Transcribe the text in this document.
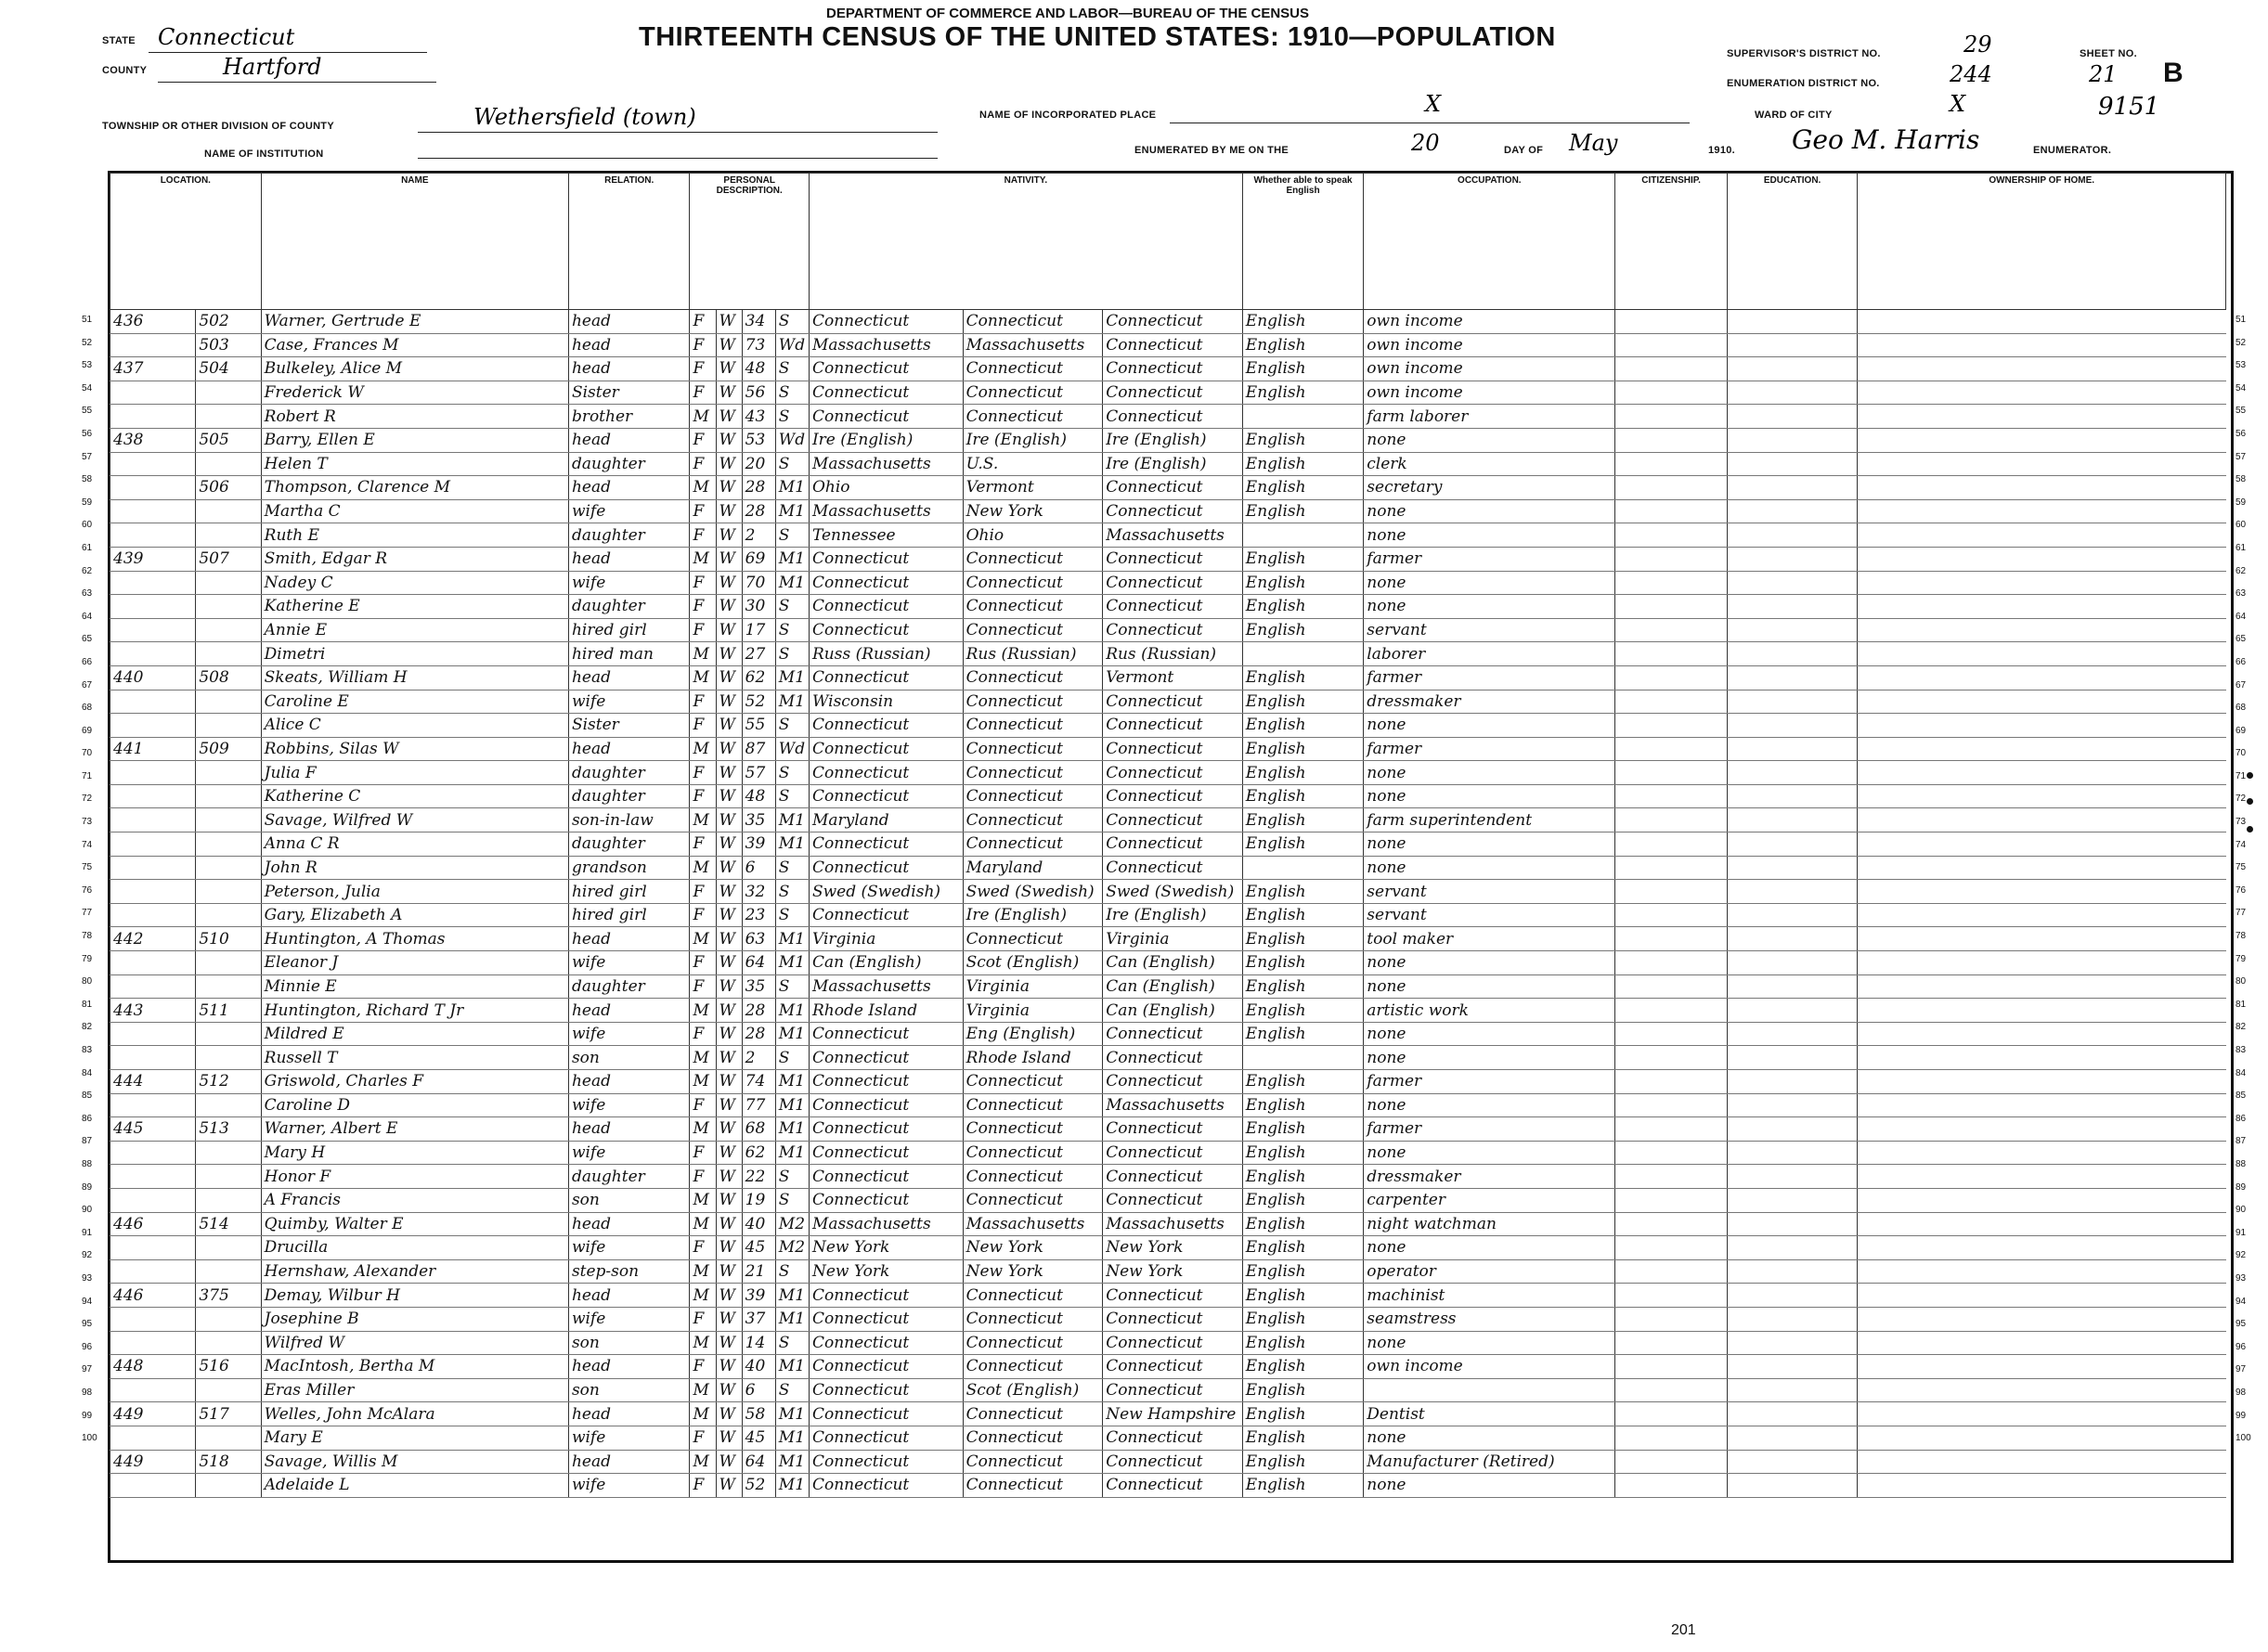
DEPARTMENT OF COMMERCE AND LABOR—BUREAU OF THE CENSUS
THIRTEENTH CENSUS OF THE UNITED STATES: 1910—POPULATION
STATE Connecticut
COUNTY	Hartford
TOWNSHIP OR OTHER DIVISION OF COUNTY	Wethersfield (town)
NAME OF INSTITUTION
NAME OF INCORPORATED PLACE	X
ENUMERATED BY ME ON THE	20	DAY OF May	1910. Geo M. Harris	ENUMERATOR.
SUPERVISOR'S DISTRICT NO.	29
ENUMERATION DISTRICT NO.	244
WARD OF CITY	X
SHEET NO.
21 B
9151
LOCATION.		NAME	RELATION.	PERSONAL DESCRIPTION.				NATIVITY.			Whether able to speak English	OCCUPATION.	CITIZENSHIP.	EDUCATION.	OWNERSHIP OF HOME.
436	502	Warner, Gertrude E	head	F	W	34	S	Connecticut	Connecticut	Connecticut	English	own income			
	503	Case, Frances M	head	F	W	73	Wd	Massachusetts	Massachusetts	Connecticut	English	own income			
437	504	Bulkeley, Alice M	head	F	W	48	S	Connecticut	Connecticut	Connecticut	English	own income			
		Frederick W	Sister	F	W	56	S	Connecticut	Connecticut	Connecticut	English	own income			
		Robert R	brother	M	W	43	S	Connecticut	Connecticut	Connecticut		farm laborer			
438	505	Barry, Ellen E	head	F	W	53	Wd	Ire (English)	Ire (English)	Ire (English)	English	none			
		Helen T	daughter	F	W	20	S	Massachusetts	U.S.	Ire (English)	English	clerk			
	506	Thompson, Clarence M	head	M	W	28	M1	Ohio	Vermont	Connecticut	English	secretary			
		Martha C	wife	F	W	28	M1	Massachusetts	New York	Connecticut	English	none			
		Ruth E	daughter	F	W	2	S	Tennessee	Ohio	Massachusetts		none			
439	507	Smith, Edgar R	head	M	W	69	M1	Connecticut	Connecticut	Connecticut	English	farmer			
		Nadey C	wife	F	W	70	M1	Connecticut	Connecticut	Connecticut	English	none			
		Katherine E	daughter	F	W	30	S	Connecticut	Connecticut	Connecticut	English	none			
		Annie E	hired girl	F	W	17	S	Connecticut	Connecticut	Connecticut	English	servant			
		Dimetri	hired man	M	W	27	S	Russ (Russian)	Rus (Russian)	Rus (Russian)		laborer			
440	508	Skeats, William H	head	M	W	62	M1	Connecticut	Connecticut	Vermont	English	farmer			
		Caroline E	wife	F	W	52	M1	Wisconsin	Connecticut	Connecticut	English	dressmaker			
		Alice C	Sister	F	W	55	S	Connecticut	Connecticut	Connecticut	English	none			
441	509	Robbins, Silas W	head	M	W	87	Wd	Connecticut	Connecticut	Connecticut	English	farmer			
		Julia F	daughter	F	W	57	S	Connecticut	Connecticut	Connecticut	English	none			
		Katherine C	daughter	F	W	48	S	Connecticut	Connecticut	Connecticut	English	none			
		Savage, Wilfred W	son-in-law	M	W	35	M1	Maryland	Connecticut	Connecticut	English	farm superintendent			
		Anna C R	daughter	F	W	39	M1	Connecticut	Connecticut	Connecticut	English	none			
		John R	grandson	M	W	6	S	Connecticut	Maryland	Connecticut		none			
		Peterson, Julia	hired girl	F	W	32	S	Swed (Swedish)	Swed (Swedish)	Swed (Swedish)	English	servant			
		Gary, Elizabeth A	hired girl	F	W	23	S	Connecticut	Ire (English)	Ire (English)	English	servant			
442	510	Huntington, A Thomas	head	M	W	63	M1	Virginia	Connecticut	Virginia	English	tool maker			
		Eleanor J	wife	F	W	64	M1	Can (English)	Scot (English)	Can (English)	English	none			
		Minnie E	daughter	F	W	35	S	Massachusetts	Virginia	Can (English)	English	none			
443	511	Huntington, Richard T Jr	head	M	W	28	M1	Rhode Island	Virginia	Can (English)	English	artistic work			
		Mildred E	wife	F	W	28	M1	Connecticut	Eng (English)	Connecticut	English	none			
		Russell T	son	M	W	2	S	Connecticut	Rhode Island	Connecticut		none			
444	512	Griswold, Charles F	head	M	W	74	M1	Connecticut	Connecticut	Connecticut	English	farmer			
		Caroline D	wife	F	W	77	M1	Connecticut	Connecticut	Massachusetts	English	none			
445	513	Warner, Albert E	head	M	W	68	M1	Connecticut	Connecticut	Connecticut	English	farmer			
		Mary H	wife	F	W	62	M1	Connecticut	Connecticut	Connecticut	English	none			
		Honor F	daughter	F	W	22	S	Connecticut	Connecticut	Connecticut	English	dressmaker			
		A Francis	son	M	W	19	S	Connecticut	Connecticut	Connecticut	English	carpenter			
446	514	Quimby, Walter E	head	M	W	40	M2	Massachusetts	Massachusetts	Massachusetts	English	night watchman			
		Drucilla	wife	F	W	45	M2	New York	New York	New York	English	none			
		Hernshaw, Alexander	step-son	M	W	21	S	New York	New York	New York	English	operator			
446	375	Demay, Wilbur H	head	M	W	39	M1	Connecticut	Connecticut	Connecticut	English	machinist			
		Josephine B	wife	F	W	37	M1	Connecticut	Connecticut	Connecticut	English	seamstress			
		Wilfred W	son	M	W	14	S	Connecticut	Connecticut	Connecticut	English	none			
448	516	MacIntosh, Bertha M	head	F	W	40	M1	Connecticut	Connecticut	Connecticut	English	own income			
		Eras Miller	son	M	W	6	S	Connecticut	Scot (English)	Connecticut	English				
449	517	Welles, John McAlara	head	M	W	58	M1	Connecticut	Connecticut	New Hampshire	English	Dentist			
		Mary E	wife	F	W	45	M1	Connecticut	Connecticut	Connecticut	English	none			
449	518	Savage, Willis M	head	M	W	64	M1	Connecticut	Connecticut	Connecticut	English	Manufacturer (Retired)			
		Adelaide L	wife	F	W	52	M1	Connecticut	Connecticut	Connecticut	English	none			
51
52
53
54
55
56
57
58
59
60
61
62
63
64
65
66
67
68
69
70
71
72
73
74
75
76
77
78
79
80
81
82
83
84
85
86
87
88
89
90
91
92
93
94
95
96
97
98
99
100
51
52
53
54
55
56
57
58
59
60
61
62
63
64
65
66
67
68
69
70
71
72
73
74
75
76
77
78
79
80
81
82
83
84
85
86
87
88
89
90
91
92
93
94
95
96
97
98
99
100
201
